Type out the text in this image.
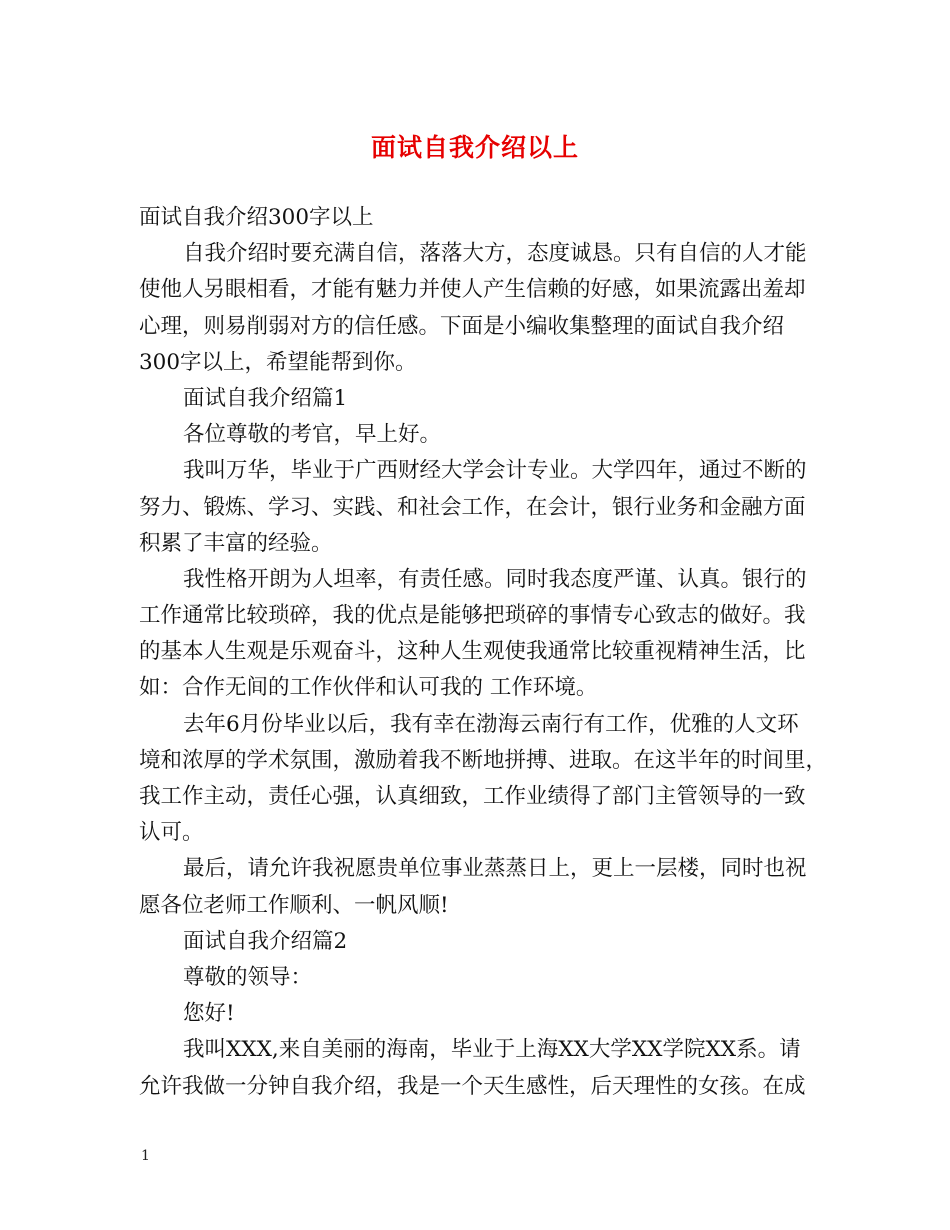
面试自我介绍以上
面试自我介绍300字以上
自我介绍时要充满自信，落落大方，态度诚恳。只有自信的人才能
使他人另眼相看，才能有魅力并使人产生信赖的好感，如果流露出羞却
心理，则易削弱对方的信任感。下面是小编收集整理的面试自我介绍
300字以上，希望能帮到你。
面试自我介绍篇1
各位尊敬的考官，早上好。
我叫万华，毕业于广西财经大学会计专业。大学四年，通过不断的
努力、锻炼、学习、实践、和社会工作，在会计，银行业务和金融方面
积累了丰富的经验。
我性格开朗为人坦率，有责任感。同时我态度严谨、认真。银行的
工作通常比较琐碎，我的优点是能够把琐碎的事情专心致志的做好。我
的基本人生观是乐观奋斗，这种人生观使我通常比较重视精神生活，比
如：合作无间的工作伙伴和认可我的 工作环境。
去年6月份毕业以后，我有幸在渤海云南行有工作，优雅的人文环
境和浓厚的学术氛围，激励着我不断地拼搏、进取。在这半年的时间里，
我工作主动，责任心强，认真细致，工作业绩得了部门主管领导的一致
认可。
最后，请允许我祝愿贵单位事业蒸蒸日上，更上一层楼，同时也祝
愿各位老师工作顺利、一帆风顺!
面试自我介绍篇2
尊敬的领导：
您好!
我叫XXX,来自美丽的海南，毕业于上海XX大学XX学院XX系。请
允许我做一分钟自我介绍，我是一个天生感性，后天理性的女孩。在成
1
